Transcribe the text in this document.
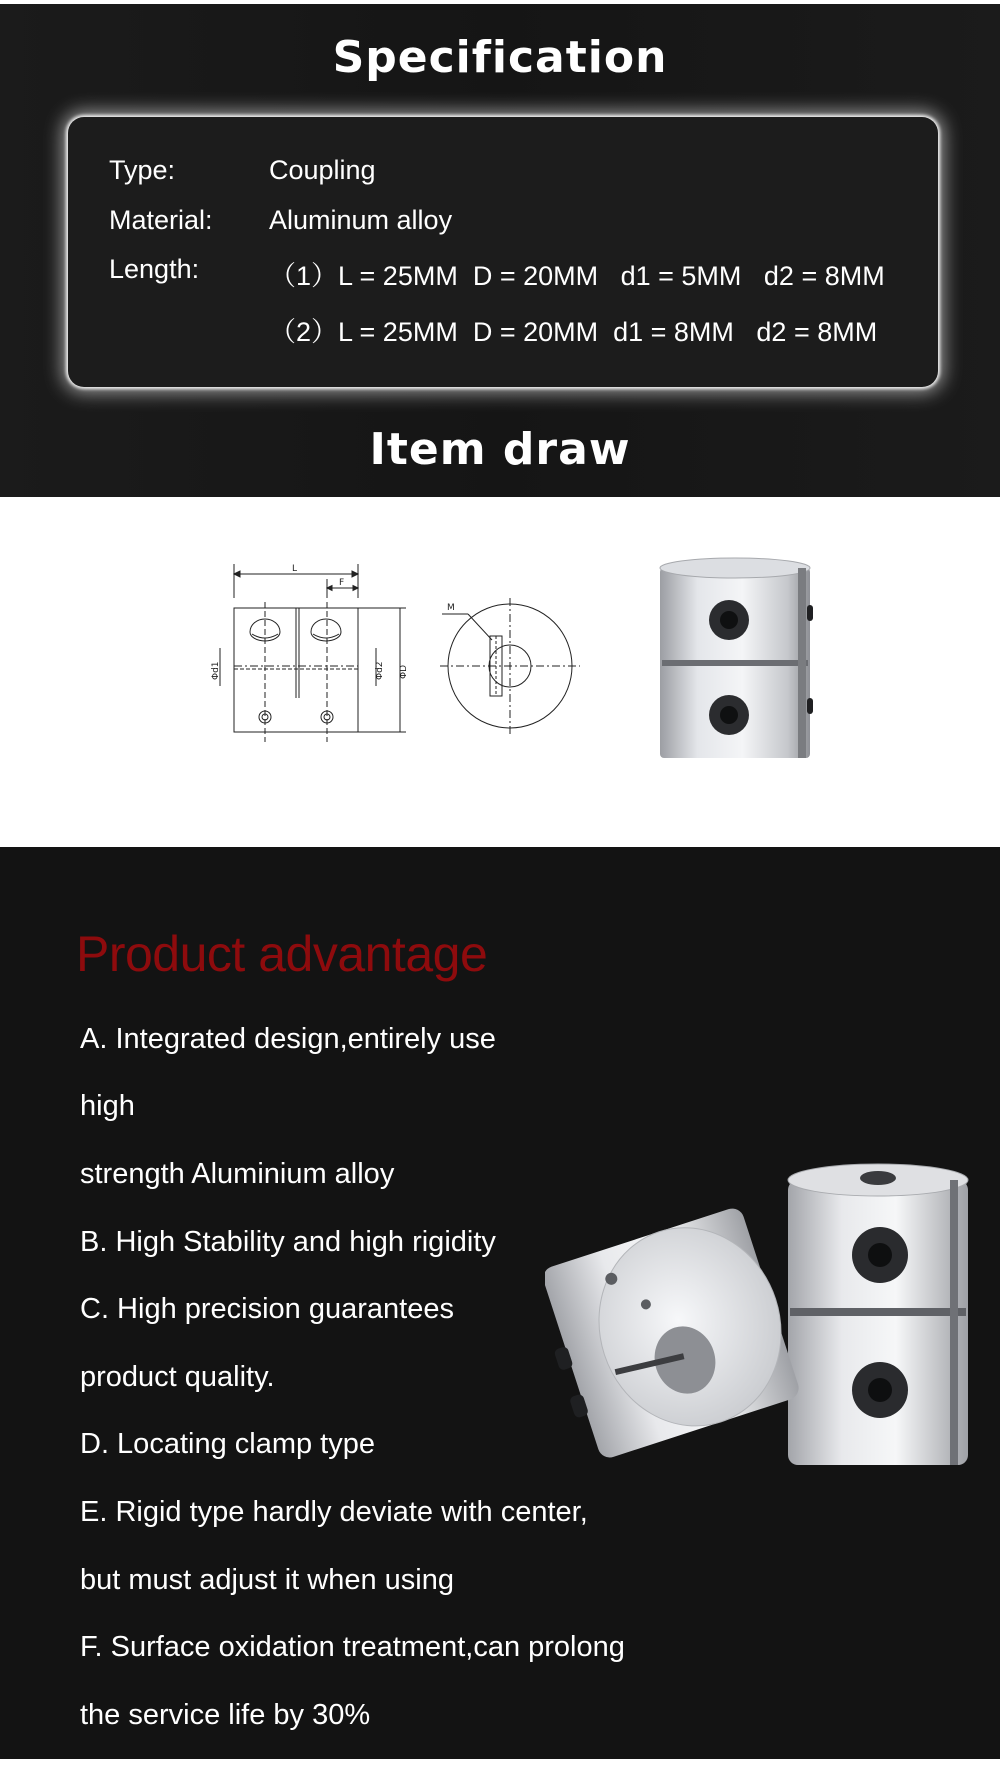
Specification
Type:	Coupling
Material: Aluminum alloy
Length:	（1）L = 25MM  D = 20MM   d1 = 5MM   d2 = 8MM
（2）L = 25MM  D = 20MM  d1 = 8MM   d2 = 8MM
Item draw
L
F
M
Φd1	Φd2 ΦD
Product advantage
A. Integrated design,entirely use
high
strength Aluminium alloy
B. High Stability and high rigidity
C. High precision guarantees
product quality.
D. Locating clamp type
E. Rigid type hardly deviate with center,
but must adjust it when using
F. Surface oxidation treatment,can prolong
the service life by 30%
